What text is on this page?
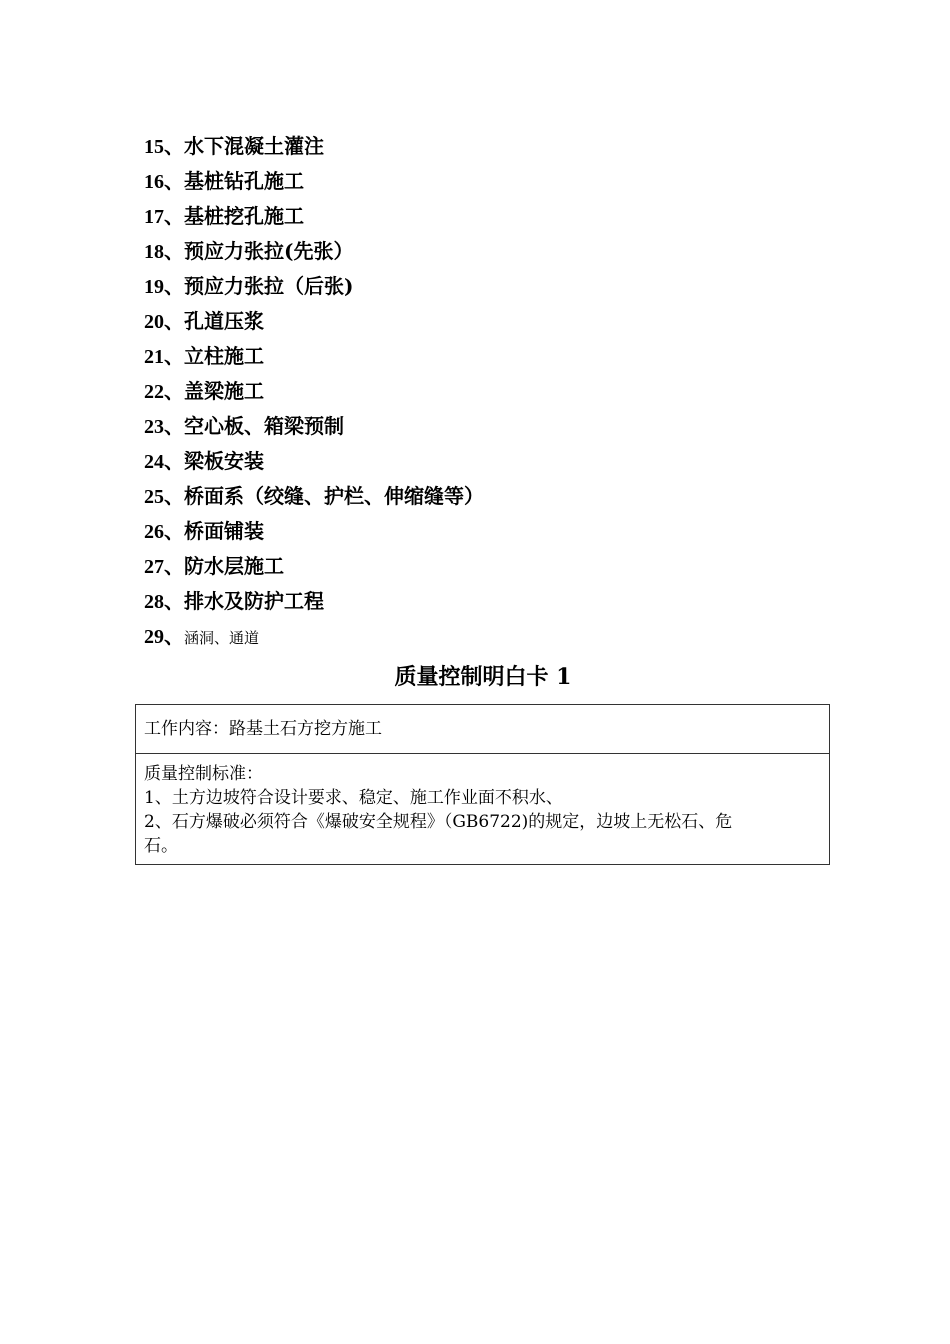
15、水下混凝土灌注
16、基桩钻孔施工
17、基桩挖孔施工
18、预应力张拉(先张）
19、预应力张拉（后张)
20、孔道压浆
21、立柱施工
22、盖梁施工
23、空心板、箱梁预制
24、梁板安装
25、桥面系（绞缝、护栏、伸缩缝等）
26、桥面铺装
27、防水层施工
28、排水及防护工程
29、涵洞、通道
质量控制明白卡 1
工作内容：路基土石方挖方施工
质量控制标准：
1、土方边坡符合设计要求、稳定、施工作业面不积水、
2、石方爆破必须符合《爆破安全规程》（GB6722)的规定，边坡上无松石、危
石。
